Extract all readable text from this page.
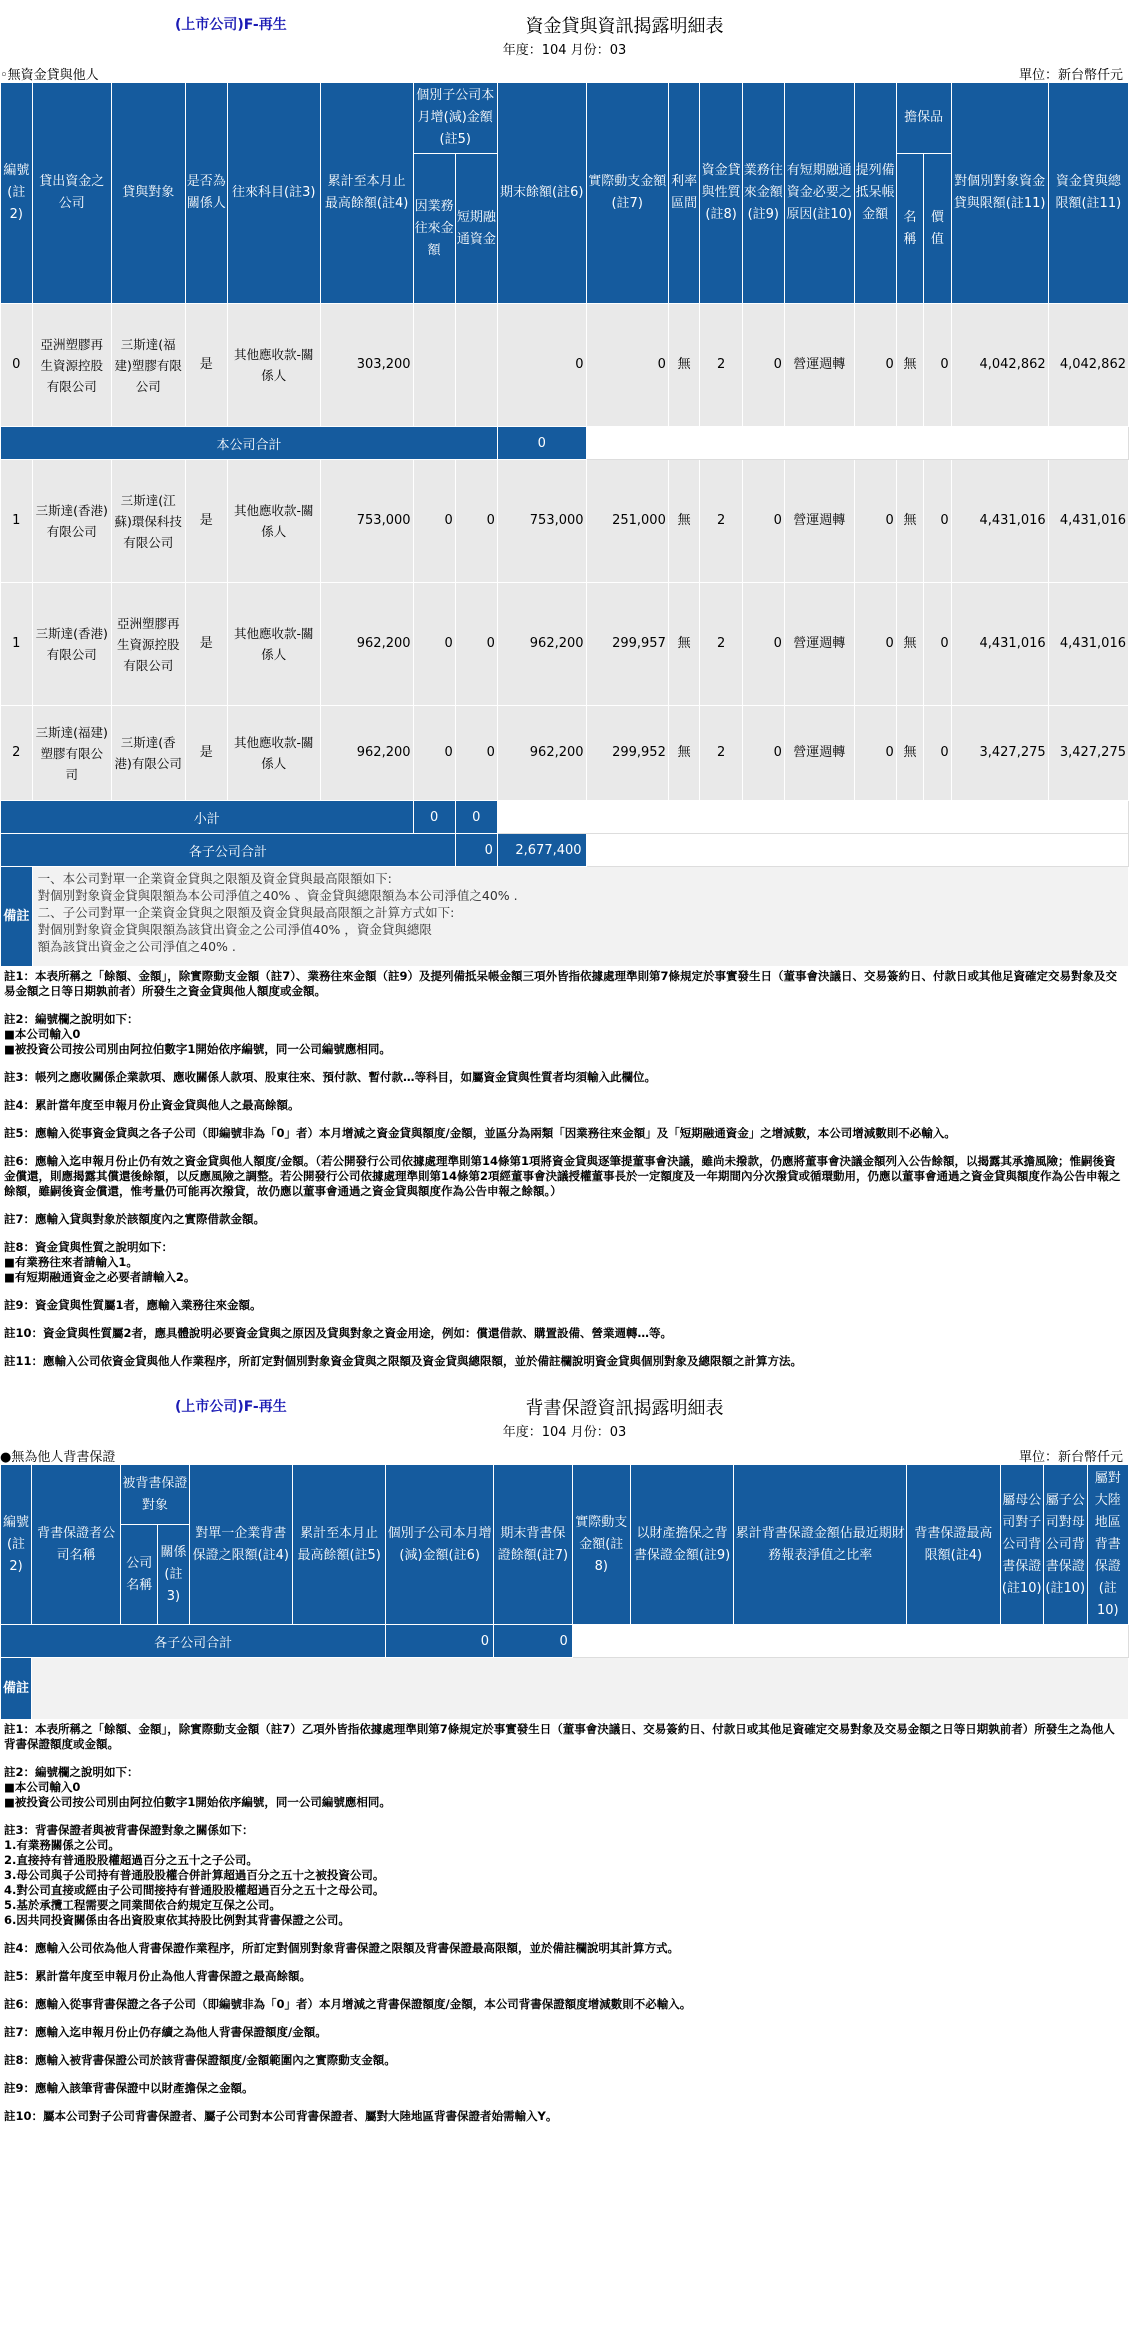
(上市公司)F-再生	資金貸與資訊揭露明細表
年度：104 月份：03
◦無資金貸與他人	單位：新台幣仟元
編號(註2)	貸出資金之公司	貸與對象	是否為關係人	往來科目(註3)	累計至本月止最高餘額(註4)	個別子公司本月增(減)金額(註5)		期末餘額(註6)	實際動支金額(註7)	利率區間	資金貸與性質(註8)	業務往來金額(註9)	有短期融通資金必要之原因(註10)	提列備抵呆帳金額	擔保品		對個別對象資金貸與限額(註11)	資金貸與總限額(註11)
						因業務往來金額	短期融通資金								名稱	價值		
0	亞洲塑膠再生資源控股有限公司	三斯達(福建)塑膠有限公司	是	其他應收款-關係人	303,200			0	0	無	2	0	營運週轉	0	無	0	4,042,862	4,042,862
本公司合計								0										
1	三斯達(香港)有限公司	三斯達(江蘇)環保科技有限公司	是	其他應收款-關係人	753,000	0	0	753,000	251,000	無	2	0	營運週轉	0	無	0	4,431,016	4,431,016
1	三斯達(香港)有限公司	亞洲塑膠再生資源控股有限公司	是	其他應收款-關係人	962,200	0	0	962,200	299,957	無	2	0	營運週轉	0	無	0	4,431,016	4,431,016
2	三斯達(福建)塑膠有限公司	三斯達(香港)有限公司	是	其他應收款-關係人	962,200	0	0	962,200	299,952	無	2	0	營運週轉	0	無	0	3,427,275	3,427,275
小計						0	0											
各子公司合計							0	2,677,400										
備註	一、本公司對單一企業資金貸與之限額及資金貸與最高限額如下:
對個別對象資金貸與限額為本公司淨值之40% 、資金貸與總限額為本公司淨值之40% .
二、子公司對單一企業資金貸與之限額及資金貸與最高限額之計算方式如下:
對個別對象資金貸與限額為該貸出資金之公司淨值40% ，資金貸與總限
額為該貸出資金之公司淨值之40% .																	

註1：本表所稱之「餘額、金額」，除實際動支金額（註7）、業務往來金額（註9）及提列備抵呆帳金額三項外皆指依據處理準則第7條規定於事實發生日（董事會決議日、交易簽約日、付款日或其他足資確定交易對象及交易金額之日等日期孰前者）所發生之資金貸與他人額度或金額。

註2：編號欄之說明如下：
■本公司輸入0
■被投資公司按公司別由阿拉伯數字1開始依序編號，同一公司編號應相同。

註3：帳列之應收關係企業款項、應收關係人款項、股東往來、預付款、暫付款…等科目，如屬資金貸與性質者均須輸入此欄位。

註4：累計當年度至申報月份止資金貸與他人之最高餘額。

註5：應輸入從事資金貸與之各子公司（即編號非為「0」者）本月增減之資金貸與額度/金額，並區分為兩類「因業務往來金額」及「短期融通資金」之增減數，本公司增減數則不必輸入。

註6：應輸入迄申報月份止仍有效之資金貸與他人額度/金額。（若公開發行公司依據處理準則第14條第1項將資金貸與逐筆提董事會決議，雖尚未撥款，仍應將董事會決議金額列入公告餘額，以揭露其承擔風險；惟嗣後資金償還，則應揭露其償還後餘額，以反應風險之調整。若公開發行公司依據處理準則第14條第2項經董事會決議授權董事長於一定額度及一年期間內分次撥貸或循環動用，仍應以董事會通過之資金貸與額度作為公告申報之餘額，雖嗣後資金償還，惟考量仍可能再次撥貸，故仍應以董事會通過之資金貸與額度作為公告申報之餘額。）

註7：應輸入貸與對象於該額度內之實際借款金額。

註8：資金貸與性質之說明如下：
■有業務往來者請輸入1。
■有短期融通資金之必要者請輸入2。

註9：資金貸與性質屬1者，應輸入業務往來金額。

註10：資金貸與性質屬2者，應具體說明必要資金貸與之原因及貸與對象之資金用途，例如：償還借款、購置設備、營業週轉…等。

註11：應輸入公司依資金貸與他人作業程序，所訂定對個別對象資金貸與之限額及資金貸與總限額，並於備註欄說明資金貸與個別對象及總限額之計算方法。

(上市公司)F-再生	背書保證資訊揭露明細表
年度：104 月份：03
●無為他人背書保證	單位：新台幣仟元
編號(註2)	背書保證者公司名稱	被背書保證對象		對單一企業背書保證之限額(註4)	累計至本月止最高餘額(註5)	個別子公司本月增(減)金額(註6)	期末背書保證餘額(註7)	實際動支金額(註8)	以財產擔保之背書保證金額(註9)	累計背書保證金額佔最近期財務報表淨值之比率	背書保證最高限額(註4)	屬母公司對子公司背書保證(註10)	屬子公司對母公司背書保證(註10)	屬對大陸地區背書保證(註10)
		公司名稱	關係(註3)											
各子公司合計						0	0							
備註														

註1：本表所稱之「餘額、金額」，除實際動支金額（註7）乙項外皆指依據處理準則第7條規定於事實發生日（董事會決議日、交易簽約日、付款日或其他足資確定交易對象及交易金額之日等日期孰前者）所發生之為他人背書保證額度或金額。

註2：編號欄之說明如下：
■本公司輸入0
■被投資公司按公司別由阿拉伯數字1開始依序編號，同一公司編號應相同。

註3：背書保證者與被背書保證對象之關係如下：
1.有業務關係之公司。
2.直接持有普通股股權超過百分之五十之子公司。
3.母公司與子公司持有普通股股權合併計算超過百分之五十之被投資公司。
4.對公司直接或經由子公司間接持有普通股股權超過百分之五十之母公司。
5.基於承攬工程需要之同業間依合約規定互保之公司。
6.因共同投資關係由各出資股東依其持股比例對其背書保證之公司。

註4：應輸入公司依為他人背書保證作業程序，所訂定對個別對象背書保證之限額及背書保證最高限額，並於備註欄說明其計算方式。

註5：累計當年度至申報月份止為他人背書保證之最高餘額。

註6：應輸入從事背書保證之各子公司（即編號非為「0」者）本月增減之背書保證額度/金額，本公司背書保證額度增減數則不必輸入。

註7：應輸入迄申報月份止仍存續之為他人背書保證額度/金額。

註8：應輸入被背書保證公司於該背書保證額度/金額範圍內之實際動支金額。

註9：應輸入該筆背書保證中以財產擔保之金額。

註10：屬本公司對子公司背書保證者、屬子公司對本公司背書保證者、屬對大陸地區背書保證者始需輸入Y。
